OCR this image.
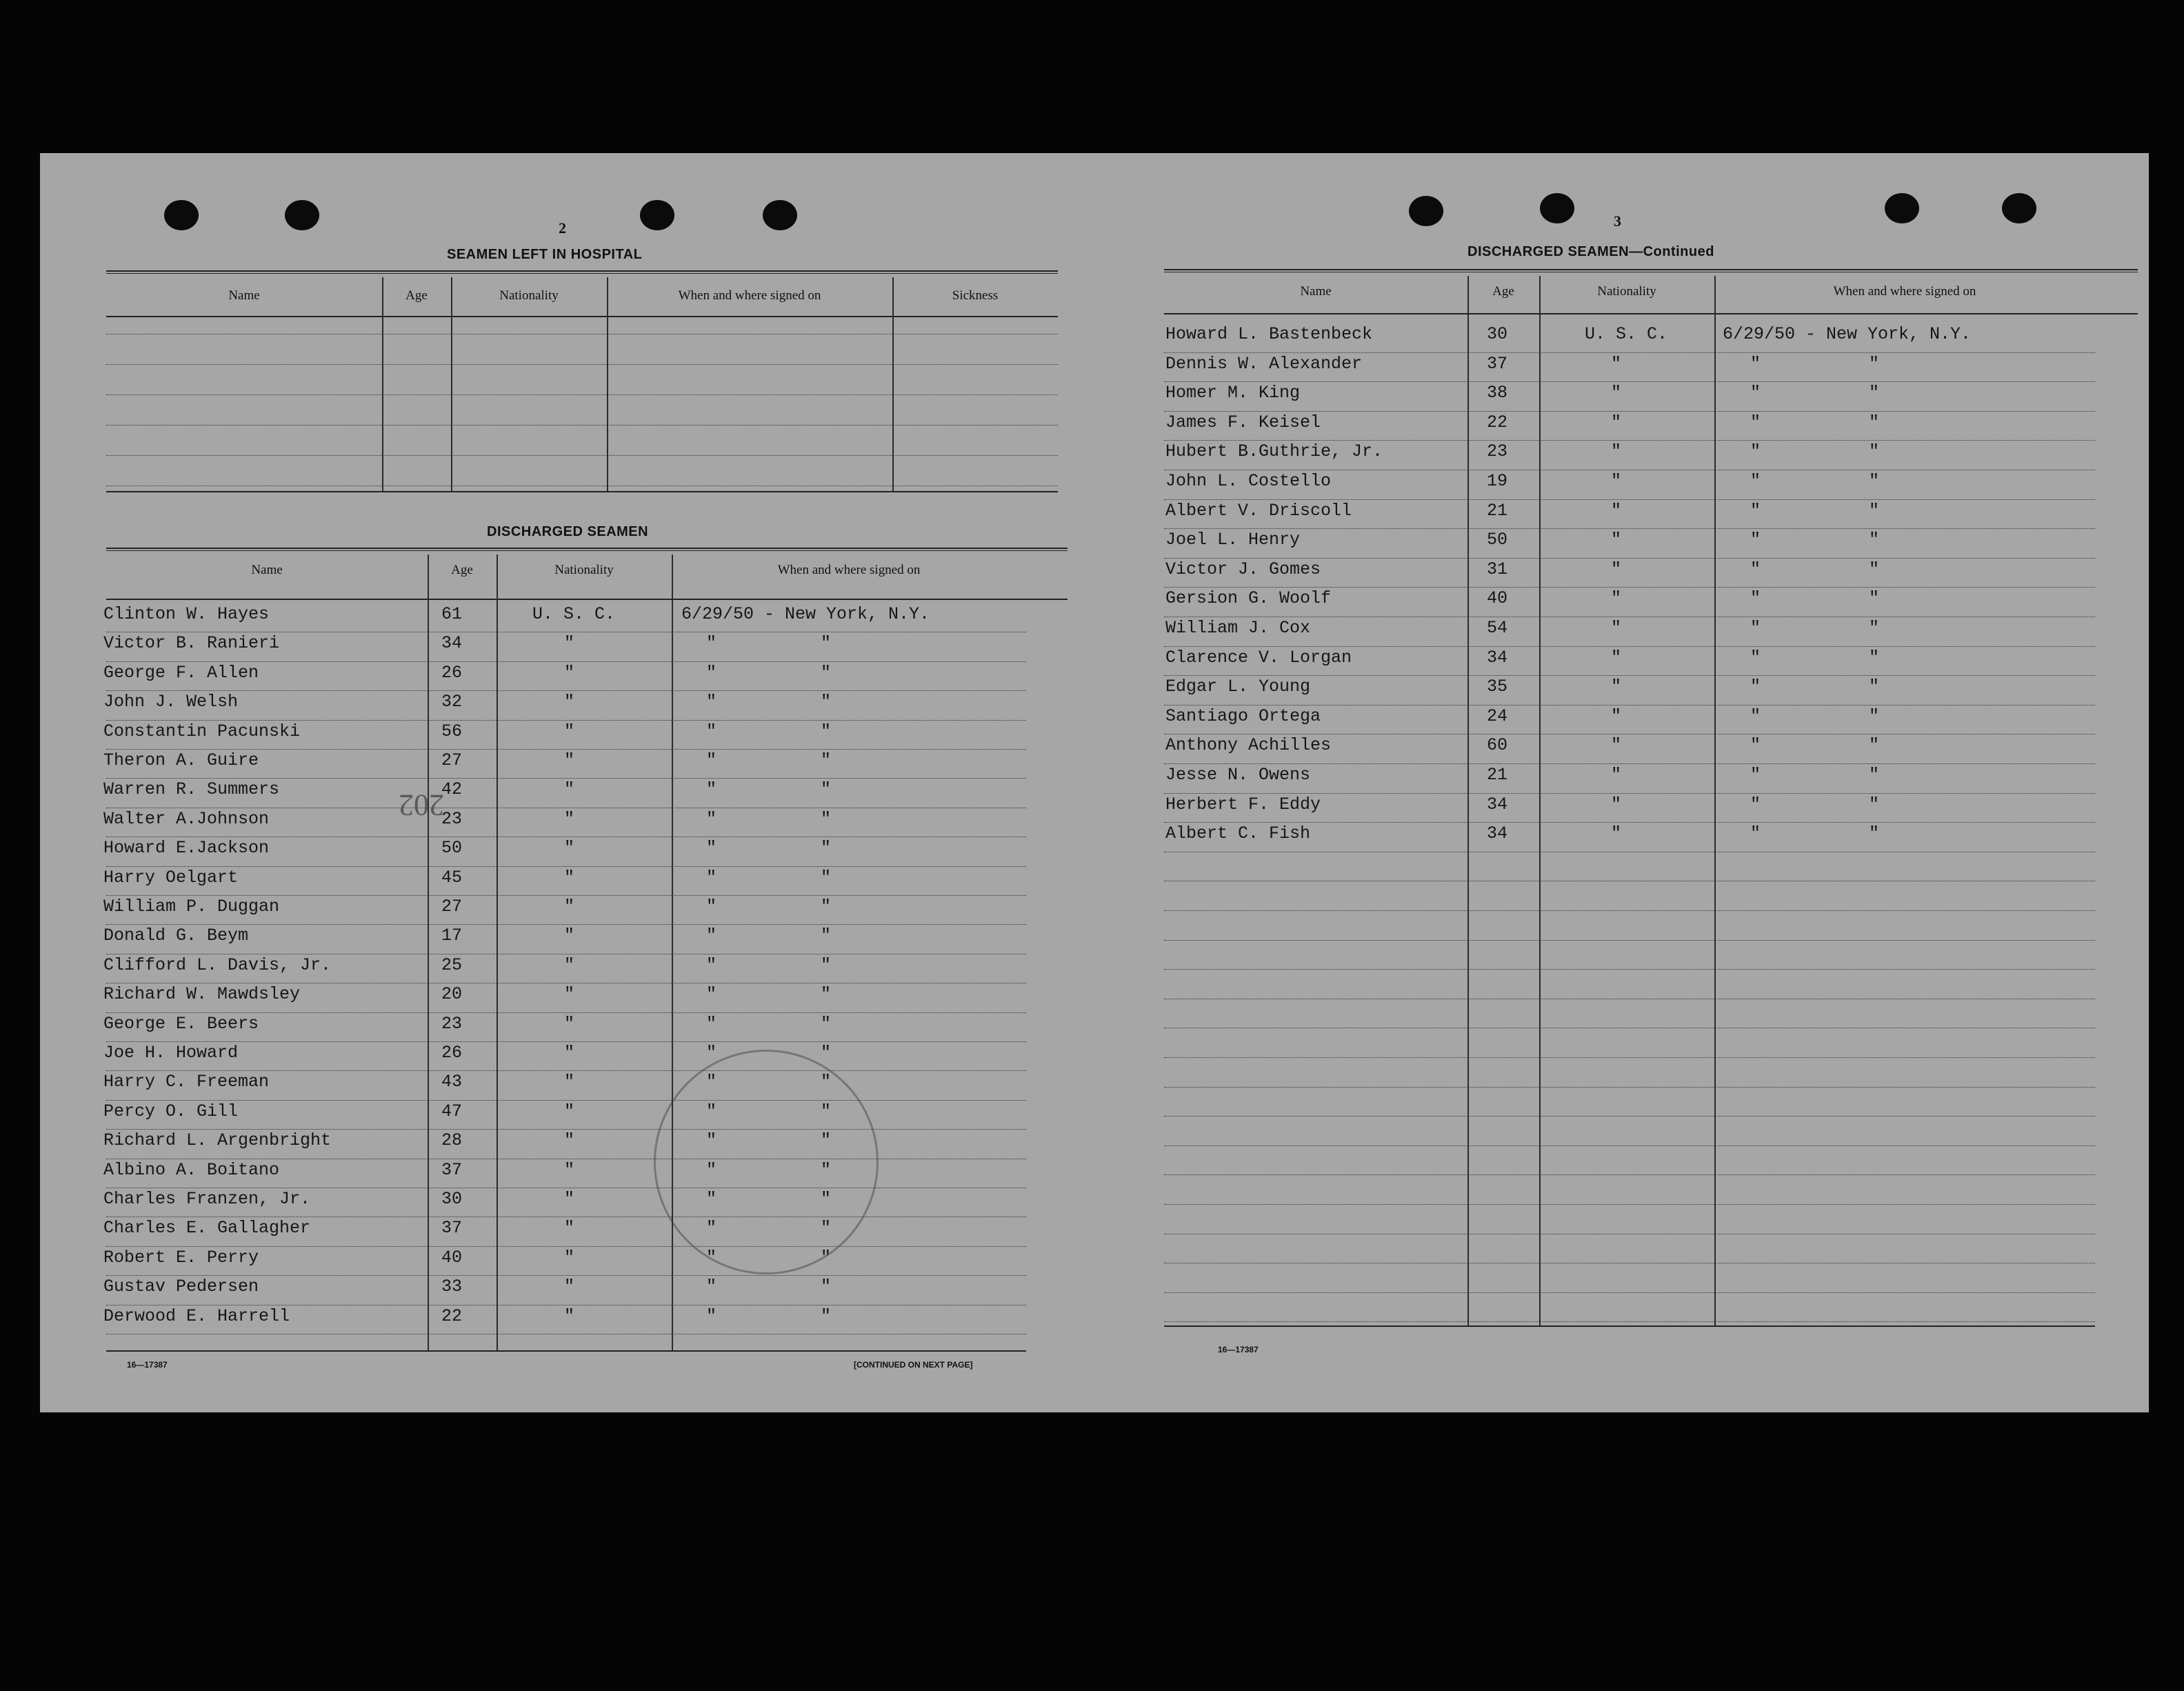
2
SEAMEN LEFT IN HOSPITAL
Name	Age	Nationality	When and where signed on	Sickness
DISCHARGED SEAMEN
Name	Age	Nationality	When and where signed on
Clinton W. Hayes	61	U. S. C.	6/29/50 - New York, N.Y.
Victor B. Ranieri	34	"	"	"
George F. Allen	26	"	"	"
John J. Welsh	32	"	"	"
Constantin Pacunski	56	"	"	"
Theron A. Guire	27	"	"	"
Warren R. Summers	42	"	"	"
Walter A.Johnson	23	"	"	"
Howard E.Jackson	50	"	"	"
Harry Oelgart	45	"	"	"
William P. Duggan	27	"	"	"
Donald G. Beym	17	"	"	"
Clifford L. Davis, Jr.	25	"	"	"
Richard W. Mawdsley	20	"	"	"
George E. Beers	23	"	"	"
Joe H. Howard	26	"	"	"
Harry C. Freeman	43	"	"	"
Percy O. Gill	47	"	"	"
Richard L. Argenbright	28	"	"	"
Albino A. Boitano	37	"	"	"
Charles Franzen, Jr.	30	"	"	"
Charles E. Gallagher	37	"	"	"
Robert E. Perry	40	"	"	"
Gustav Pedersen	33	"	"	"
Derwood E. Harrell	22	"	"	"
16—17387	[CONTINUED ON NEXT PAGE]
202
3
DISCHARGED SEAMEN—Continued
Name	Age	Nationality	When and where signed on
Howard L. Bastenbeck	30	U. S. C.	6/29/50 - New York, N.Y.
Dennis W. Alexander	37	"	"	"
Homer M. King	38	"	"	"
James F. Keisel	22	"	"	"
Hubert B.Guthrie, Jr.	23	"	"	"
John L. Costello	19	"	"	"
Albert V. Driscoll	21	"	"	"
Joel L. Henry	50	"	"	"
Victor J. Gomes	31	"	"	"
Gersion G. Woolf	40	"	"	"
William J. Cox	54	"	"	"
Clarence V. Lorgan	34	"	"	"
Edgar L. Young	35	"	"	"
Santiago Ortega	24	"	"	"
Anthony Achilles	60	"	"	"
Jesse N. Owens	21	"	"	"
Herbert F. Eddy	34	"	"	"
Albert C. Fish	34	"	"	"
16—17387
